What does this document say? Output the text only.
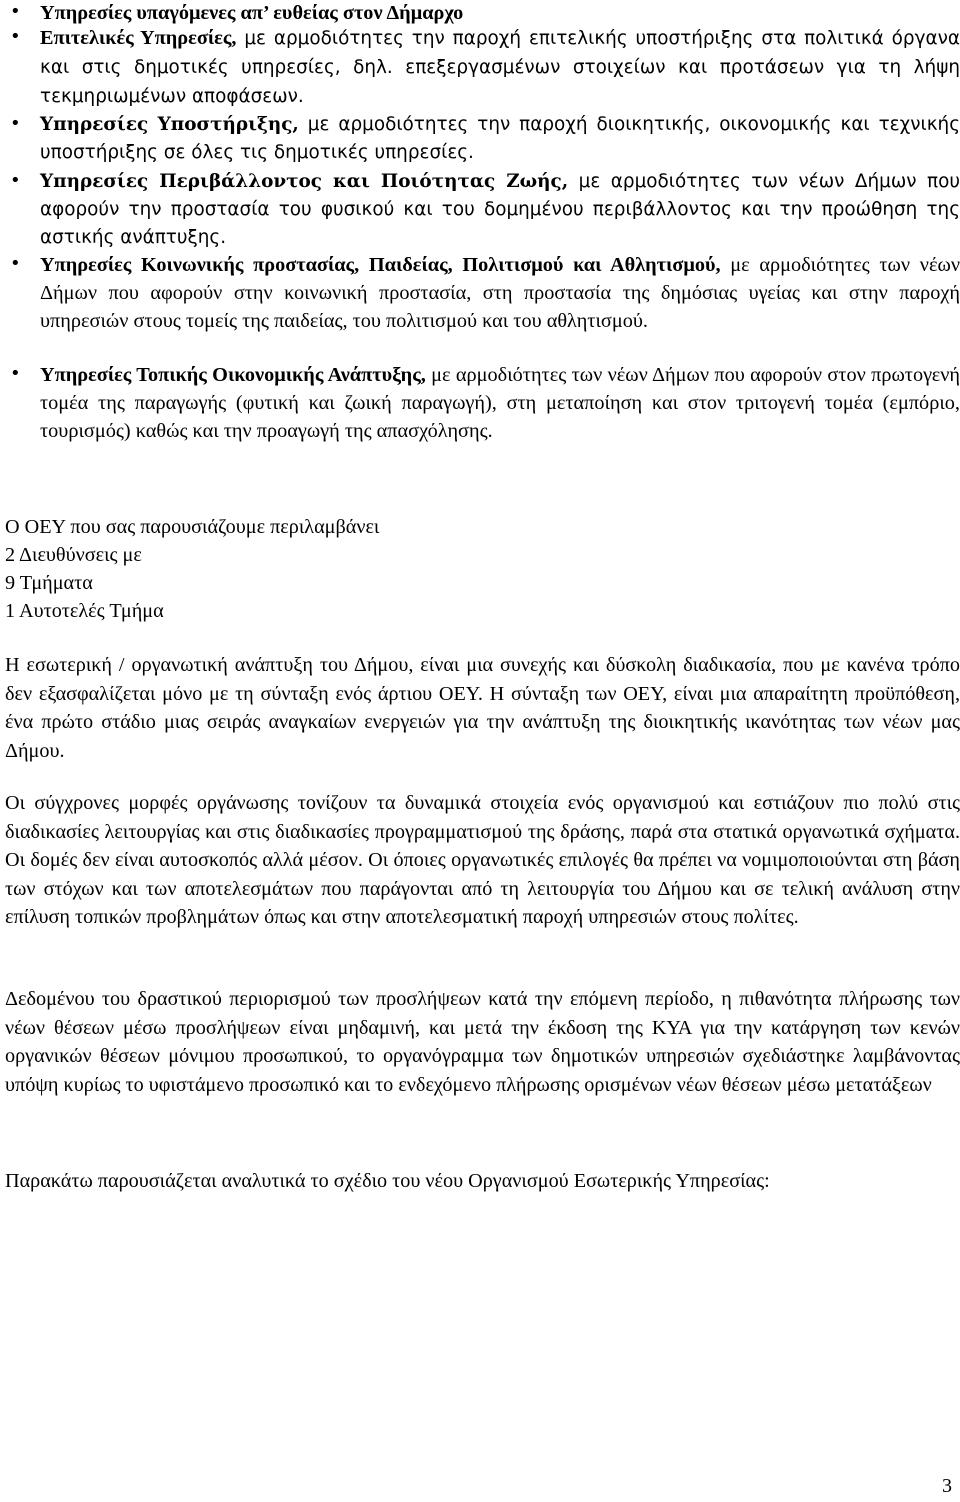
• Υπηρεσίες υπαγόμενες απ’ ευθείας στον Δήμαρχο

• Επιτελικές Υπηρεσίες, με αρμοδιότητες την παροχή επιτελικής υποστήριξης στα πολιτικά όργανα και στις δημοτικές υπηρεσίες, δηλ. επεξεργασμένων στοιχείων και προτάσεων για τη λήψη τεκμηριωμένων αποφάσεων.

• Υπηρεσίες Υποστήριξης, με αρμοδιότητες την παροχή διοικητικής, οικονομικής και τεχνικής υποστήριξης σε όλες τις δημοτικές υπηρεσίες.

• Υπηρεσίες Περιβάλλοντος και Ποιότητας Ζωής, με αρμοδιότητες των νέων Δήμων που αφορούν την προστασία του φυσικού και του δομημένου περιβάλλοντος και την προώθηση της αστικής ανάπτυξης.

• Υπηρεσίες Κοινωνικής προστασίας, Παιδείας, Πολιτισμού και Αθλητισμού, με αρμοδιότητες των νέων Δήμων που αφορούν στην κοινωνική προστασία, στη προστασία της δημόσιας υγείας και στην παροχή υπηρεσιών στους τομείς της παιδείας, του πολιτισμού και του αθλητισμού.

• Υπηρεσίες Τοπικής Οικονομικής Ανάπτυξης, με αρμοδιότητες των νέων Δήμων που αφορούν στον πρωτογενή τομέα της παραγωγής (φυτική και ζωική παραγωγή), στη μεταποίηση και στον τριτογενή τομέα (εμπόριο, τουρισμός) καθώς και την προαγωγή της απασχόλησης.

Ο ΟΕΥ που σας παρουσιάζουμε περιλαμβάνει

2 Διευθύνσεις με

9 Τμήματα

1 Αυτοτελές Τμήμα

Η εσωτερική / οργανωτική ανάπτυξη του Δήμου, είναι μια συνεχής και δύσκολη διαδικασία, που με κανένα τρόπο δεν εξασφαλίζεται μόνο με τη σύνταξη ενός άρτιου ΟΕΥ. Η σύνταξη των ΟΕΥ, είναι μια απαραίτητη προϋπόθεση, ένα πρώτο στάδιο μιας σειράς αναγκαίων ενεργειών για την ανάπτυξη της διοικητικής ικανότητας των νέων μας Δήμου.

Οι σύγχρονες μορφές οργάνωσης τονίζουν τα δυναμικά στοιχεία ενός οργανισμού και εστιάζουν πιο πολύ στις διαδικασίες λειτουργίας και στις διαδικασίες προγραμματισμού της δράσης, παρά στα στατικά οργανωτικά σχήματα. Οι δομές δεν είναι αυτοσκοπός αλλά μέσον. Οι όποιες οργανωτικές επιλογές θα πρέπει να νομιμοποιούνται στη βάση των στόχων και των αποτελεσμάτων που παράγονται από τη λειτουργία του Δήμου και σε τελική ανάλυση στην επίλυση τοπικών προβλημάτων όπως και στην αποτελεσματική παροχή υπηρεσιών στους πολίτες.

Δεδομένου του δραστικού περιορισμού των προσλήψεων κατά την επόμενη περίοδο, η πιθανότητα πλήρωσης των νέων θέσεων μέσω προσλήψεων είναι μηδαμινή, και μετά την έκδοση της ΚΥΑ για την κατάργηση των κενών οργανικών θέσεων μόνιμου προσωπικού, το οργανόγραμμα των δημοτικών υπηρεσιών σχεδιάστηκε λαμβάνοντας υπόψη κυρίως το υφιστάμενο προσωπικό και το ενδεχόμενο πλήρωσης ορισμένων νέων θέσεων μέσω μετατάξεων

Παρακάτω παρουσιάζεται αναλυτικά το σχέδιο του νέου Οργανισμού Εσωτερικής Υπηρεσίας:

3
